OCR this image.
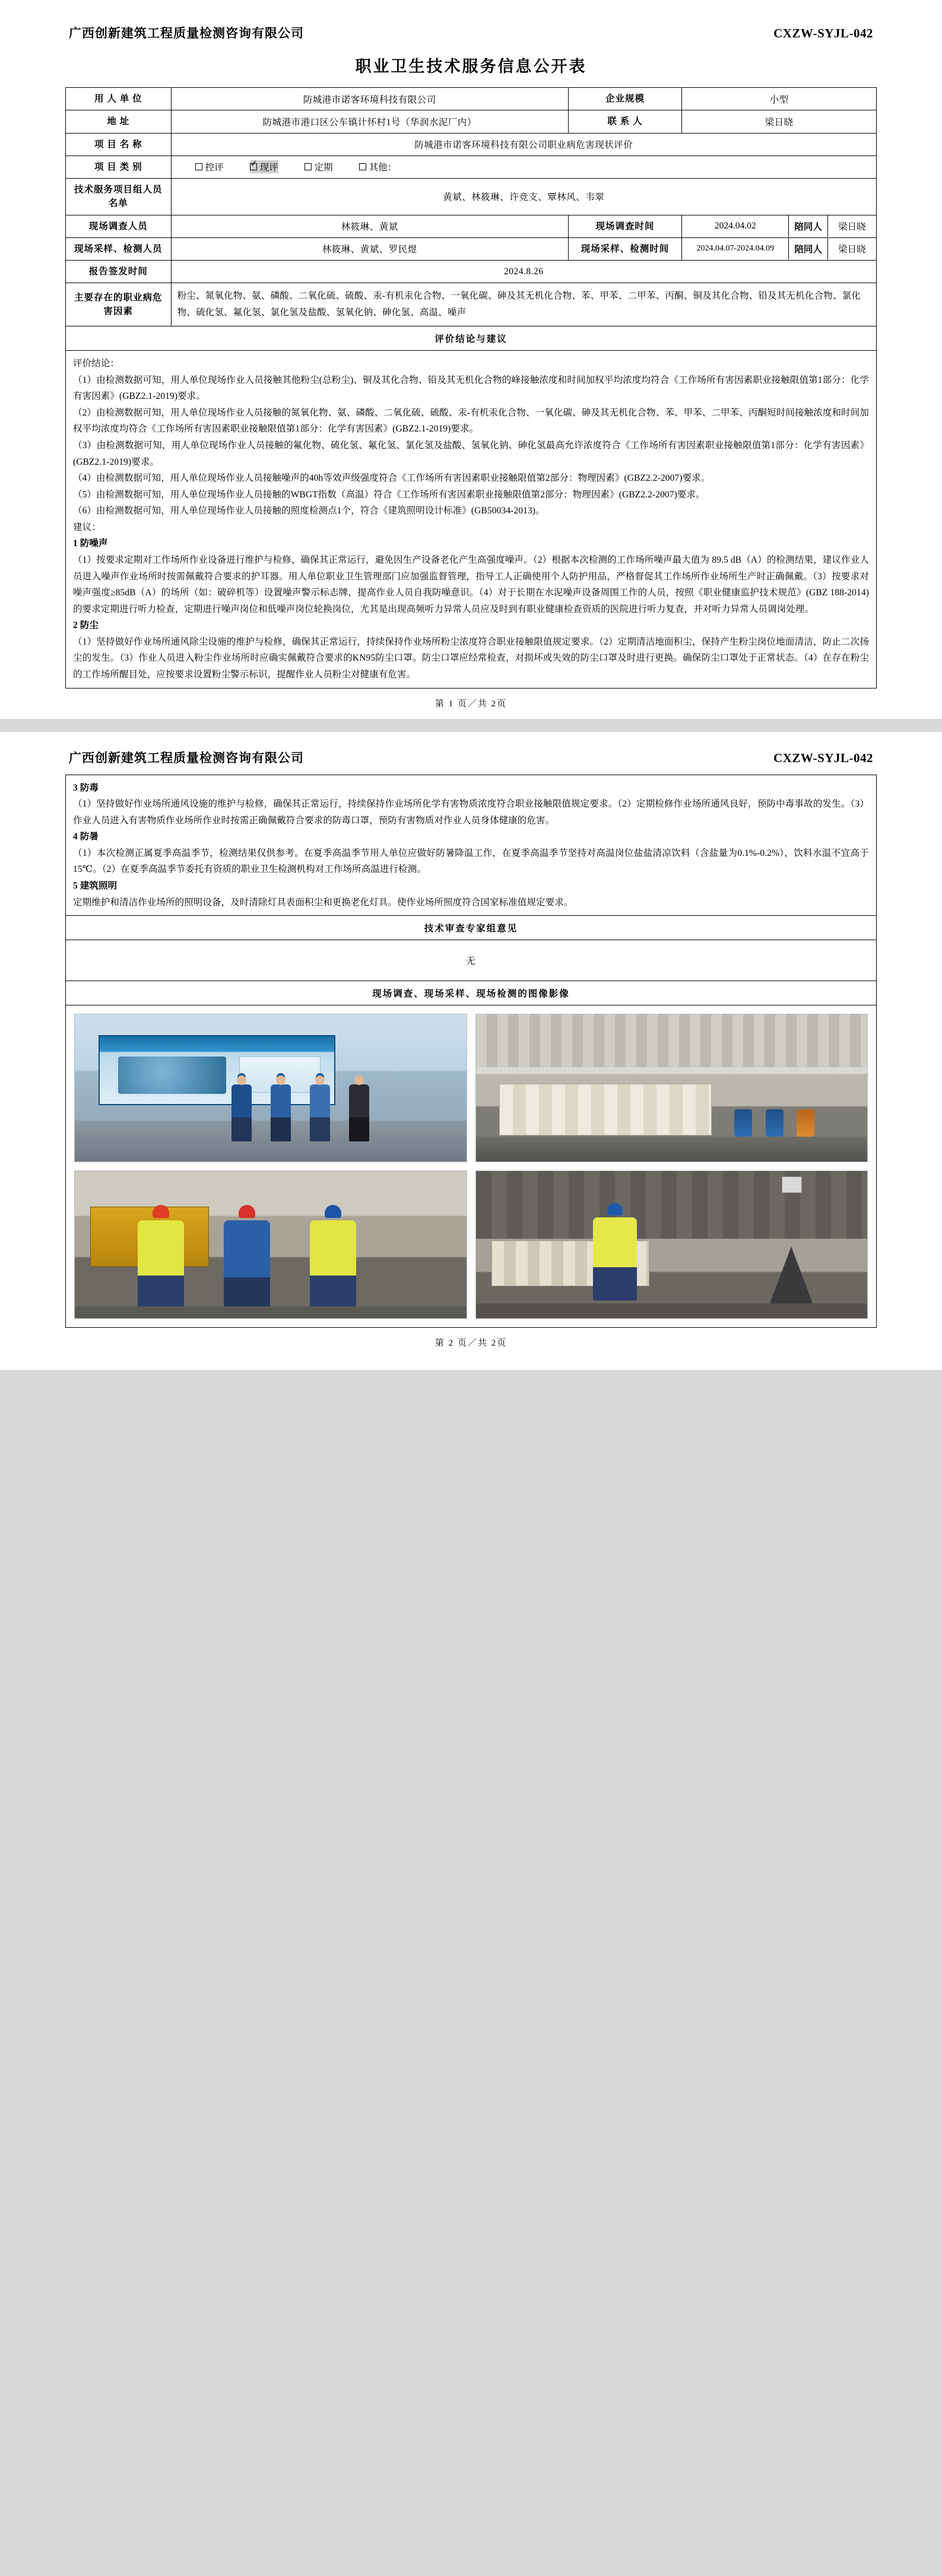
广西创新建筑工程质量检测咨询有限公司	CXZW-SYJL-042
职业卫生技术服务信息公开表
用 人 单 位	防城港市诺客环境科技有限公司	企业规模	小型
地 址	防城港市港口区公车镇计怀村1号（华润水泥厂内）	联 系 人	梁日晓
项 目 名 称	防城港市诺客环境科技有限公司职业病危害现状评价
项 目 类 别	控评 ✓	现评	定期	其他：

技术服务项目组人员名单	黄斌、林筱琳、许竞支、覃林风、韦翠
现场调查人员	林筱琳、黄斌	现场调查时间		2024.04.02	陪同人	梁日晓

现场采样、检测人员	林筱琳、黄斌、罗民煜	现场采样、检测时间		2024.04.07-2024.04.09	陪同人	梁日晓

报告签发时间	2024.8.26
主要存在的职业病危害因素	粉尘、氮氧化物、氨、磷酸、二氧化硫、硫酸、汞-有机汞化合物、一氧化碳、砷及其无机化合物、苯、甲苯、二甲苯、丙酮、铜及其化合物、铅及其无机化合物、氯化物、硫化氢、氟化氢、氯化氢及盐酸、氢氧化钠、砷化氢、高温、噪声
评价结论与建议

评价结论：

（1）由检测数据可知，用人单位现场作业人员接触其他粉尘(总粉尘)、铜及其化合物、铅及其无机化合物的峰接触浓度和时间加权平均浓度均符合《工作场所有害因素职业接触限值第1部分：化学有害因素》(GBZ2.1-2019)要求。

（2）由检测数据可知，用人单位现场作业人员接触的氮氧化物、氨、磷酸、二氧化硫、硫酸、汞-有机汞化合物、一氧化碳、砷及其无机化合物、苯、甲苯、二甲苯、丙酮短时间接触浓度和时间加权平均浓度均符合《工作场所有害因素职业接触限值第1部分：化学有害因素》(GBZ2.1-2019)要求。

（3）由检测数据可知，用人单位现场作业人员接触的氟化物、硫化氢、氟化氢、氯化氢及盐酸、氢氧化钠、砷化氢最高允许浓度符合《工作场所有害因素职业接触限值第1部分：化学有害因素》(GBZ2.1-2019)要求。

（4）由检测数据可知，用人单位现场作业人员接触噪声的40h等效声级强度符合《工作场所有害因素职业接触限值第2部分：物理因素》(GBZ2.2-2007)要求。

（5）由检测数据可知，用人单位现场作业人员接触的WBGT指数（高温）符合《工作场所有害因素职业接触限值第2部分：物理因素》(GBZ2.2-2007)要求。

（6）由检测数据可知，用人单位现场作业人员接触的照度检测点1个，符合《建筑照明设计标准》(GB50034-2013)。

建议：

1 防噪声

（1）按要求定期对工作场所作业设备进行维护与检修，确保其正常运行，避免因生产设备老化产生高强度噪声。（2）根据本次检测的工作场所噪声最大值为 89.5 dB（A）的检测结果，建议作业人员进入噪声作业场所时按需佩戴符合要求的护耳器。用人单位职业卫生管理部门应加强监督管理，指导工人正确使用个人防护用品，严格督促其工作场所作业场所生产时正确佩戴。（3）按要求对噪声强度≥85dB（A）的场所（如：破碎机等）设置噪声警示标志牌，提高作业人员自我防噪意识。（4）对于长期在水泥噪声设备周围工作的人员，按照《职业健康监护技术规范》(GBZ 188-2014)的要求定期进行听力检查，定期进行噪声岗位和低噪声岗位轮换岗位，尤其是出现高频听力异常人员应及时到有职业健康检查资质的医院进行听力复查，并对听力异常人员调岗处理。

2 防尘

（1）坚持做好作业场所通风除尘设施的维护与检修，确保其正常运行，持续保持作业场所粉尘浓度符合职业接触限值规定要求。（2）定期清洁地面积尘，保持产生粉尘岗位地面清洁，防止二次扬尘的发生。（3）作业人员进入粉尘作业场所时应确实佩戴符合要求的KN95防尘口罩。防尘口罩应经常检查，对损坏或失效的防尘口罩及时进行更换。确保防尘口罩处于正常状态。（4）在存在粉尘的工作场所醒目处，应按要求设置粉尘警示标识，提醒作业人员粉尘对健康有危害。

第 1 页／共 2页
广西创新建筑工程质量检测咨询有限公司	CXZW-SYJL-042

3 防毒

（1）坚持做好作业场所通风设施的维护与检修，确保其正常运行，持续保持作业场所化学有害物质浓度符合职业接触限值规定要求。（2）定期检修作业场所通风良好，预防中毒事故的发生。（3）作业人员进入有害物质作业场所作业时按需正确佩戴符合要求的防毒口罩，预防有害物质对作业人员身体健康的危害。

4 防暑

（1）本次检测正属夏季高温季节，检测结果仅供参考。在夏季高温季节用人单位应做好防暑降温工作，在夏季高温季节坚持对高温岗位盐盐清凉饮料（含盐量为0.1%-0.2%），饮料水温不宜高于15℃。（2）在夏季高温季节委托有资质的职业卫生检测机构对工作场所高温进行检测。

5 建筑照明

定期维护和清洁作业场所的照明设备，及时清除灯具表面积尘和更换老化灯具。使作业场所照度符合国家标准值规定要求。

技术审查专家组意见
无
现场调查、现场采样、现场检测的图像影像

第 2 页／共 2页
